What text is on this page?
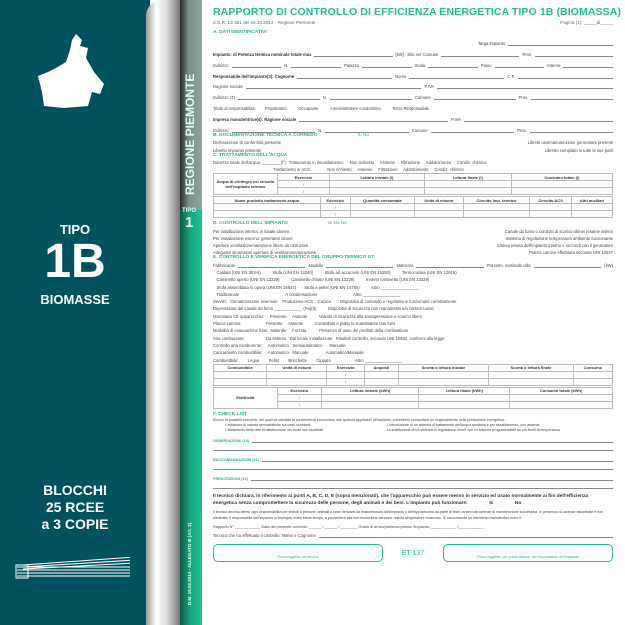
TIPO
1B
BIOMASSE
BLOCCHI
25 RCEE
a 3 COPIE
REGIONE PIEMONTE
TIPO
1
D.M. 10.02.2014 - ALLEGATO III (Art. 2)
RAPPORTO DI CONTROLLO DI EFFICIENZA ENERGETICA TIPO 1B (BIOMASSA)
d.G.R. 13-381 del 06.10.2014 - Regione Piemonte	Pagina (1): _____di_____
A. DATI IDENTIFICATIVI
Targa impianto
Impianto: di Potenza termica nominale totale max	[kW]   Sito nel Comune	Prov.
Indirizzo	N.	Palazzo	Scala	Piano	Interno
Responsabile dell'impianto(2): Cognome	Nome	C.F.
Ragione sociale	P.IVA
Indirizzo (3)	N.	Comune	Prov.
Titolo di responsabilità:        Proprietario          Occupante          Amministratore condominio          Terzo Responsabile
Impresa manutentrice(4): Ragione sociale	P.IVA
Indirizzo	N.	Comune	Prov.
B. DOCUMENTAZIONE TECNICA A CORREDO	Si No
Dichiarazione di conformità presente	Libretti uso/manutenzione generatore presenti
Libretto impianto presente	Libretto compilato in tutte le sue parti
C. TRATTAMENTO DELL'ACQUA
Durezza totale dell'acqua: ________(f°)  Trattamento in riscaldamento:     Non richiesto     Assente     Filtrazione     Addolcimento     Condiz. chimico
Trattamento in ACS:              Non richiesto     Assente     Filtrazione     Addolcimento     Condiz. chimico
Acqua di reintegro nel circuito dell'impianto termico	Esercizio	Lettura iniziale (l)	Lettura finale (l)	Consumo totale (l)
	/			
	/			
Nome prodotto trattamento acqua	Esercizio	Quantità consumata	Unità di misura	Circuito imp. termico	Circuito ACS	Altri ausiliari
	/					
	/					
D. CONTROLLO DELL'IMPIANTO	Si No Nc
Per installazione interna: in locale idoneo	Canale da fumo o condotti di scarico idonei (esame visivo)
Per installazione esterna: generatori idonei	Sistema di regolazione temperatura ambiente funzionante
Aperture ventilazione/aerazione libere da ostruzioni	Idonea tenuta dell'impianto interno e raccordi con il generatore
Adeguate dimensioni aperture di ventilazione/aerazione	Pulizia camino effettuata secondo UNI 10847
E. CONTROLLO E VERIFICA ENERGETICA DEL GRUPPO TERMICO GT
Fabbricante	Modello	Matricola	Pot.term. nominale utile	(kW)
Caldaia (UNI EN 303-5)          Stufa (UNI EN 13240)          Stufa ad accumulo (UNI EN 15250)          Termocucina (UNI EN 12815)
Caminetto aperto (UNI EN 13229)          Caminetto chiuso (UNI EN 13229)          Inserto caminetto (UNI EN 13229)
Stufa assemblata in opera (UNI EN 15544)       Stufa a pellet (UNI EN 14785)          Altro ________________
Tradizionale                                        A condensazione                               Altro ________________
Servizi:   Climatizzazione invernale    Produzione ACS    Cucina        Dispositivi di comando e regolazione funzionanti correttamente
Depressione del canale da fumo ____________ (Pa)(8)          Dispositivi di sicurezza non manomessi e/o cortocircuitati
Marcatura CE apparecchio:     Presente     Assente          Valvola di sicurezza alla sovrapressione a scarico libero
Placca camino:                     Presente     Assente          Controllato e pulito lo scambiatore lato fumi
Modalità di evacuazione fumi:  Naturale     Forzata           Presenza rif usso dei prodotti della combustione
Aria comburente:                  Da esterno   Dal locale installazione   Risultati controllo, secondo UNI 10683, conformi alla legge
Controllo aria comburente:     Automatico   Semiautomatico      Manuale
Caricamento combustibile:     Automatico   Manuale               Automatico/Manuale
Combustibile:        Legna        Pellet        Bricchette        Cippato                     Altro ________________
Combustibile	Unità di misura	Esercizio	Acquisti	Scorta o lettura iniziale	Scorta o lettura finale	Consumo
		/				
		/				
Elettricità	Esercizio	Lettura iniziale (kWh)	Lettura finale (kWh)	Consumo totale (kWh)
	/			
	/			
F. CHECK-LIST
Elenco di possibili interventi, dei quali va valutata la convenienza economica, che qualora applicabili all'impianto, potrebbero comportare un miglioramento della prestazione energetica:
L'adozione di valvole termostatiche sui corpi scaldanti	L'introduzione di un sistema di trattamento dell'acqua sanitaria e per riscaldamento, ove assente
L'isolamento della rete di distribuzione nei locali non riscaldati	La sostituzione di un sistema di regolazione on/off con un sistema programmabile su più livelli di temperatura
OSSERVAZIONI (10)
RACCOMANDAZIONI (11)
PRESCRIZIONI (12)
Il tecnico dichiara, in riferimento ai punti A, B, C, D, E (sopra menzionati), che l'apparecchio può essere messo in servizio ed usato normalmente ai fini dell'efficienza energetica senza compromettere la sicurezza delle persone, degli animali e dei beni. L'impianto può funzionare:	Si	No
Il tecnico declina altresì ogni responsabilità per sinistri a persone, animali o cose derivanti da manomissioni dell'impianto o dell'apparecchio da parte di terzi, ovvero da carenze di manutenzione successiva. In presenza di carenze riscontrate e non eliminate, il responsabile dell'impianto si impegna, entro breve tempo, a provvedere alla loro risoluzione dandone notizia all'operatore incaricato. Si raccomanda un intervento manutentivo entro il:
Rapporto N° ____________ Data del presente controllo: ______ / ______ / ________ Orario di arrivo/partenza presso l'impianto: ____________ /____________
Tecnico che ha effettuato il controllo: Nome e Cognome
Firma leggibile del tecnico
ET 137
Firma leggibile, per presa visione, del responsabile dell'impianto
